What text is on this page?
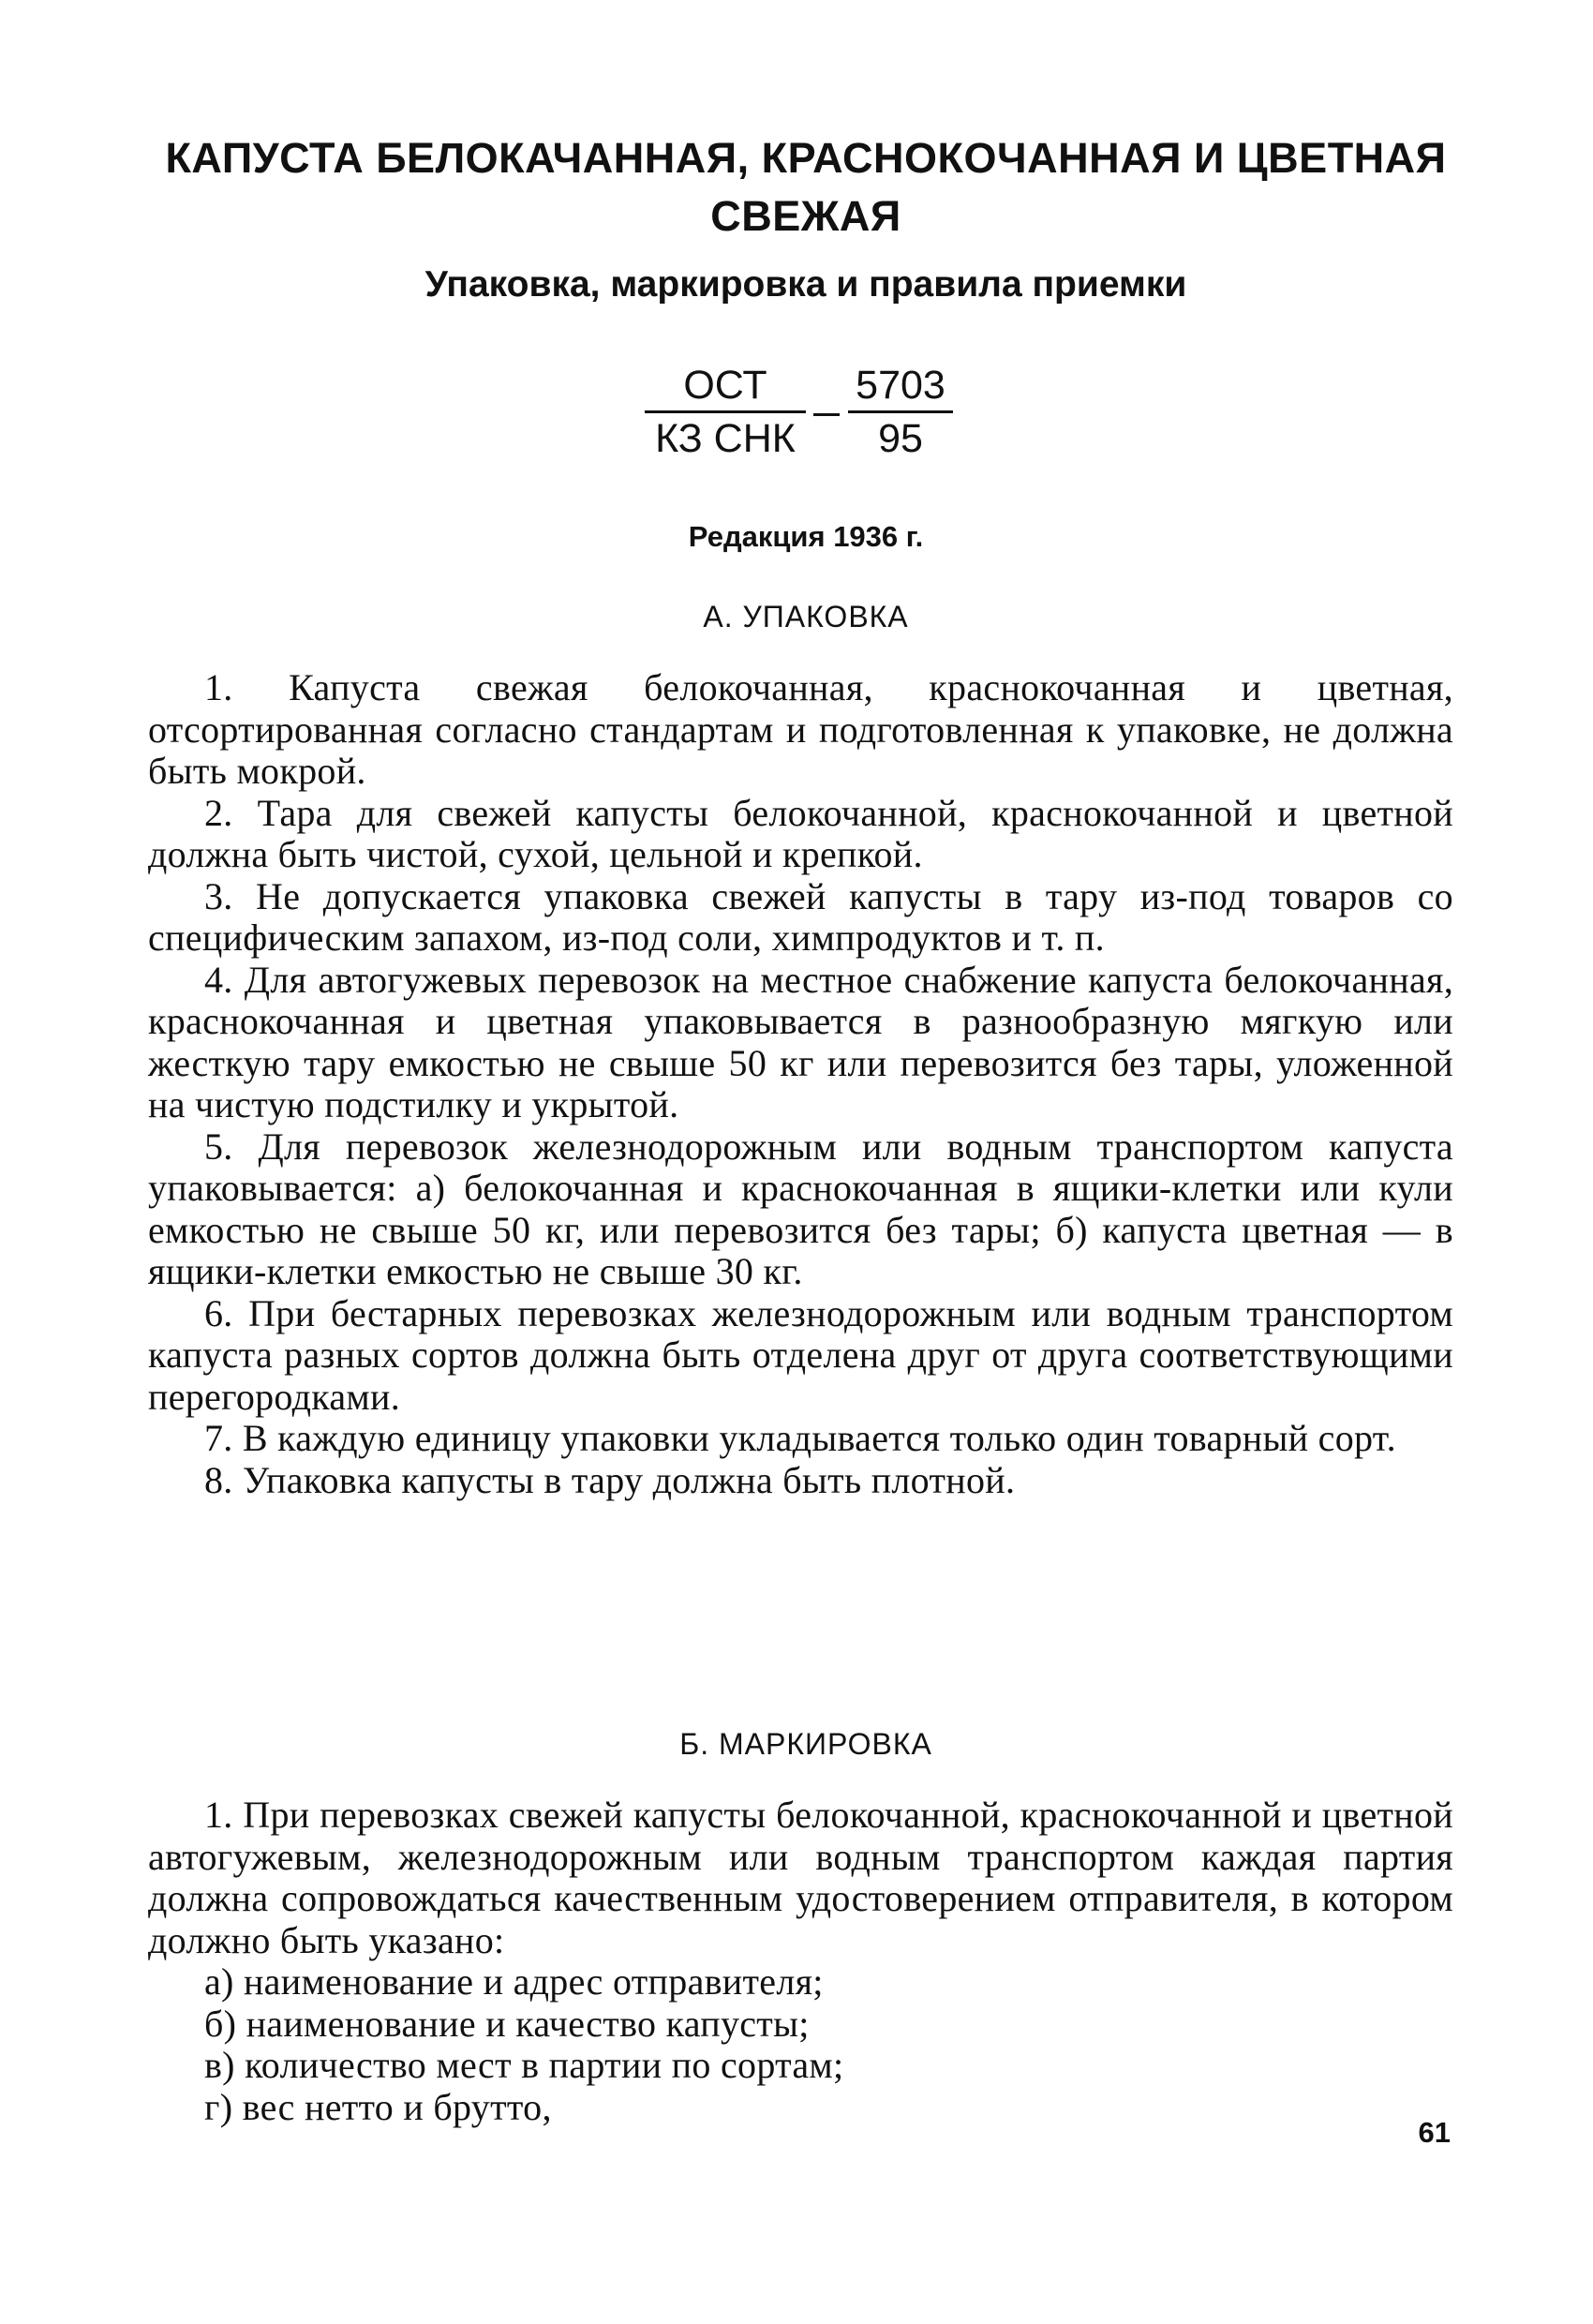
КАПУСТА БЕЛОКАЧАННАЯ, КРАСНОКОЧАННАЯ И ЦВЕТНАЯ СВЕЖАЯ
Упаковка, маркировка и правила приемки
ОСТ
КЗ СНК $\frac{5703}{95}$
Редакция 1936 г.
А. УПАКОВКА

1. Капуста свежая белокочанная, краснокочанная и цветная, отсортированная согласно стандартам и подготовленная к упаковке, не должна быть мокрой.

2. Тара для свежей капусты белокочанной, краснокочанной и цветной должна быть чистой, сухой, цельной и крепкой.

3. Не допускается упаковка свежей капусты в тару из-под товаров со специфическим запахом, из-под соли, химпродуктов и т. п.

4. Для автогужевых перевозок на местное снабжение капуста белокочанная, краснокочанная и цветная упаковывается в разнообразную мягкую или жесткую тару емкостью не свыше 50 кг или перевозится без тары, уложенной на чистую подстилку и укрытой.

5. Для перевозок железнодорожным или водным транспортом капуста упаковывается: а) белокочанная и краснокочанная в ящики-клетки или кули емкостью не свыше 50 кг, или перевозится без тары; б) капуста цветная — в ящики-клетки емкостью не свыше 30 кг.

6. При бестарных перевозках железнодорожным или водным транспортом капуста разных сортов должна быть отделена друг от друга соответствующими перегородками.

7. В каждую единицу упаковки укладывается только один товарный сорт.

8. Упаковка капусты в тару должна быть плотной.

Б. МАРКИРОВКА

1. При перевозках свежей капусты белокочанной, краснокочанной и цветной автогужевым, железнодорожным или водным транспортом каждая партия должна сопровождаться качественным удостоверением отправителя, в котором должно быть указано:

а) наименование и адрес отправителя;
б) наименование и качество капусты;
в) количество мест в партии по сортам;
г) вес нетто и брутто,
61
